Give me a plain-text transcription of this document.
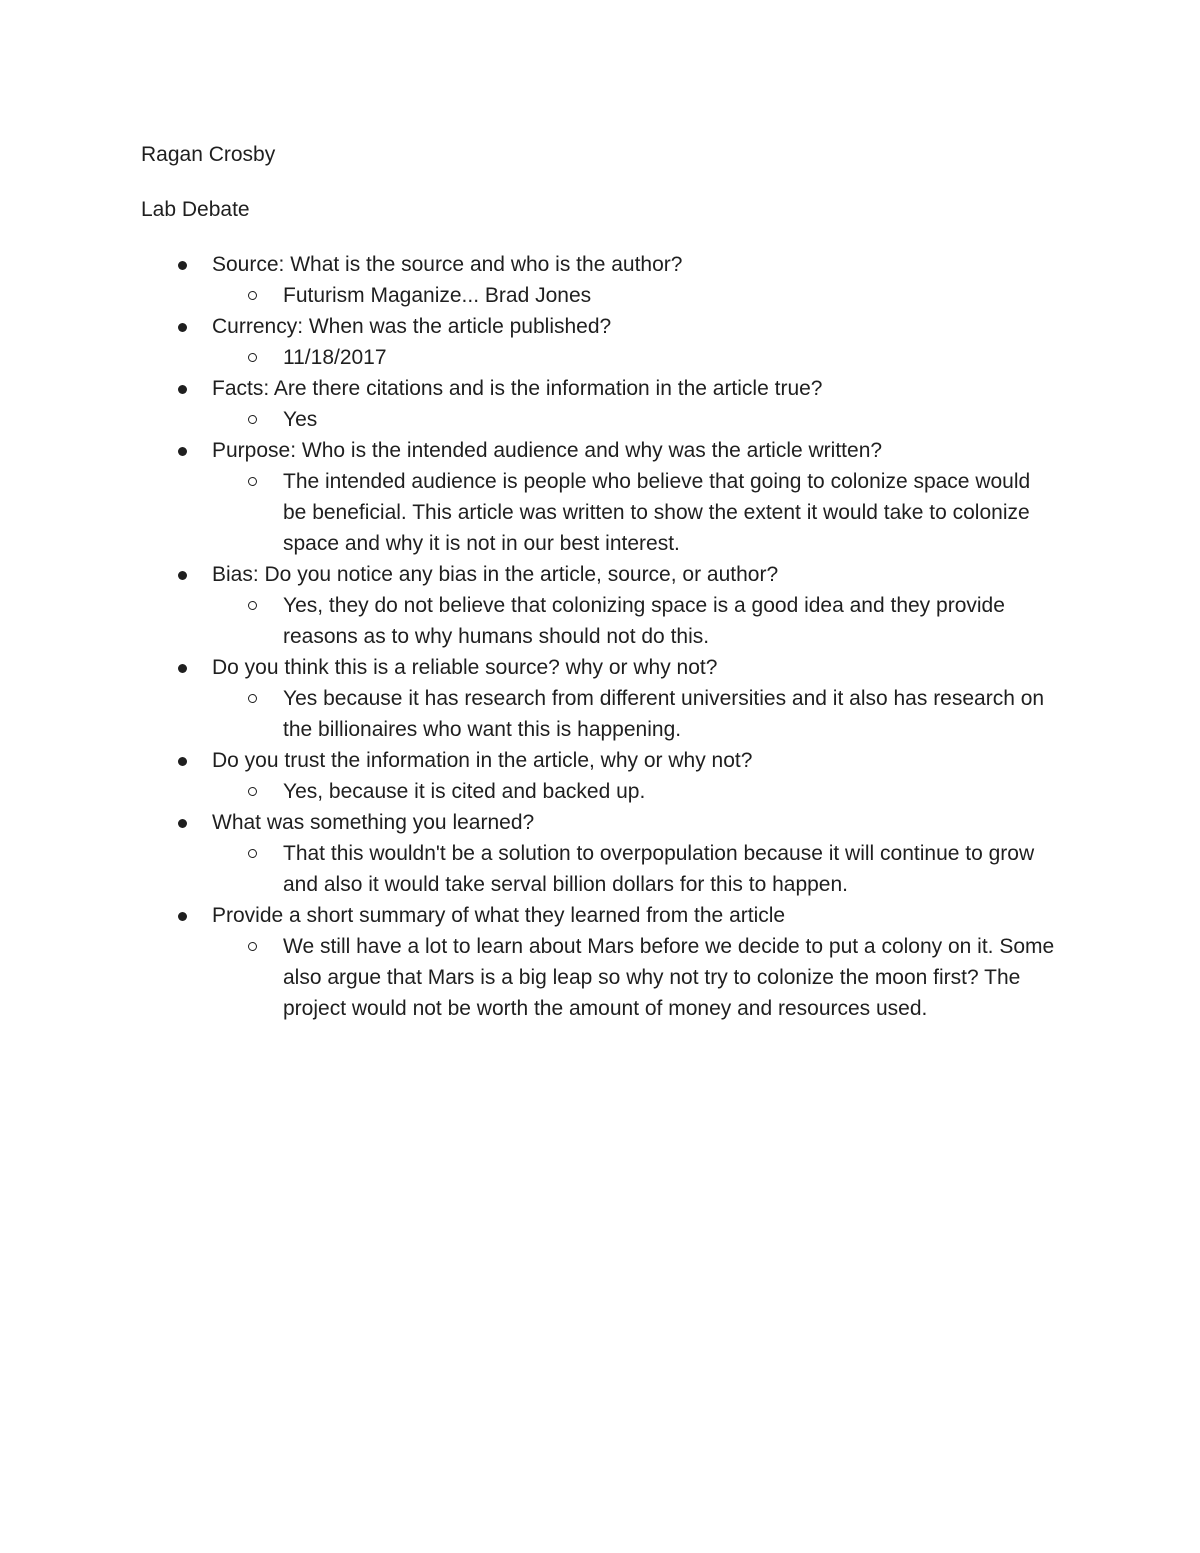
Ragan Crosby
Lab Debate
Source: What is the source and who is the author?
Futurism Maganize... Brad Jones
Currency: When was the article published?
11/18/2017
Facts: Are there citations and is the information in the article true?
Yes
Purpose: Who is the intended audience and why was the article written?
The intended audience is people who believe that going to colonize space would be beneficial. This article was written to show the extent it would take to colonize space and why it is not in our best interest.
Bias: Do you notice any bias in the article, source, or author?
Yes, they do not believe that colonizing space is a good idea and they provide reasons as to why humans should not do this.
Do you think this is a reliable source? why or why not?
Yes because it has research from different universities and it also has research on the billionaires who want this is happening.
Do you trust the information in the article, why or why not?
Yes, because it is cited and backed up.
What was something you learned?
That this wouldn't be a solution to overpopulation because it will continue to grow and also it would take serval billion dollars for this to happen.
Provide a short summary of what they learned from the article
We still have a lot to learn about Mars before we decide to put a colony on it. Some also argue that Mars is a big leap so why not try to colonize the moon first? The project would not be worth the amount of money and resources used.
